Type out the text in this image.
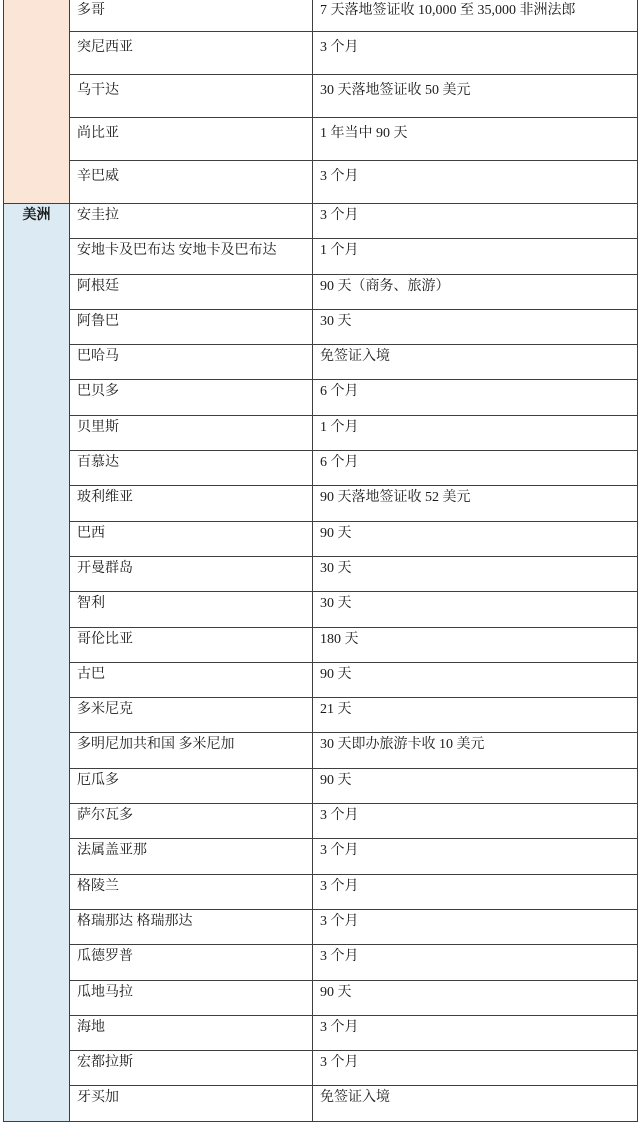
	多哥	7 天落地签证收 10,000 至 35,000 非洲法郎
	突尼西亚	3 个月
	乌干达	30 天落地签证收 50 美元
	尚比亚	1 年当中 90 天
	辛巴威	3 个月
美洲	安圭拉	3 个月
	安地卡及巴布达 安地卡及巴布达	1 个月
	阿根廷	90 天（商务、旅游）
	阿鲁巴	30 天
	巴哈马	免签证入境
	巴贝多	6 个月
	贝里斯	1 个月
	百慕达	6 个月
	玻利维亚	90 天落地签证收 52 美元
	巴西	90 天
	开曼群岛	30 天
	智利	30 天
	哥伦比亚	180 天
	古巴	90 天
	多米尼克	21 天
	多明尼加共和国 多米尼加	30 天即办旅游卡收 10 美元
	厄瓜多	90 天
	萨尔瓦多	3 个月
	法属盖亚那	3 个月
	格陵兰	3 个月
	格瑞那达 格瑞那达	3 个月
	瓜德罗普	3 个月
	瓜地马拉	90 天
	海地	3 个月
	宏都拉斯	3 个月
	牙买加	免签证入境
